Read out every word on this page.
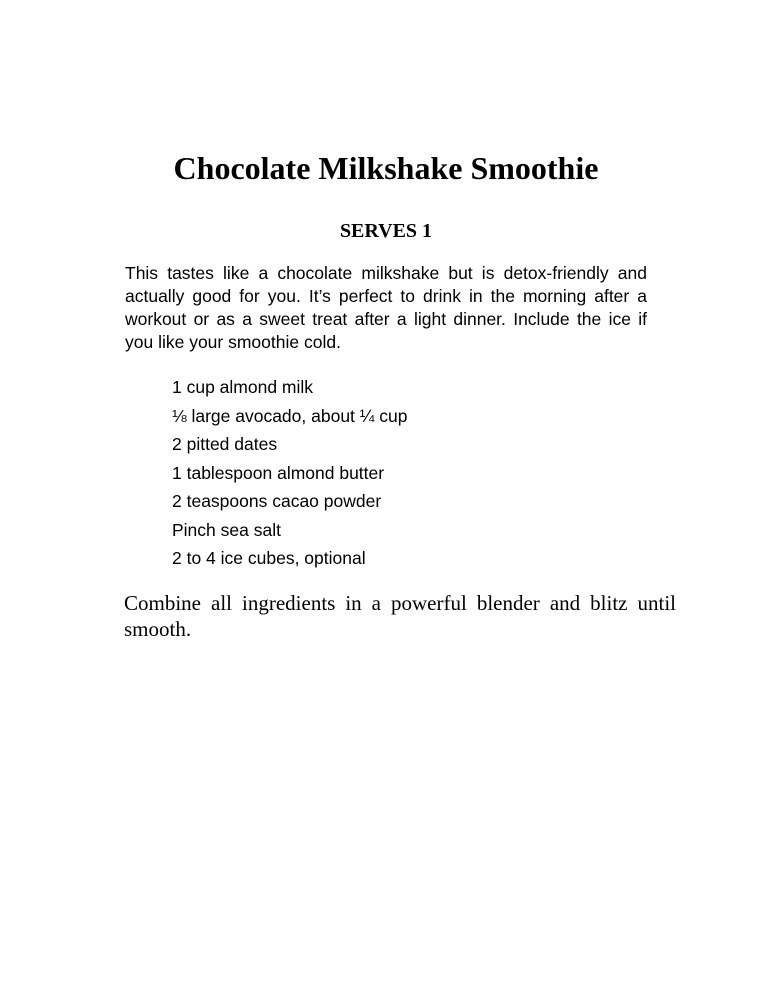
Chocolate Milkshake Smoothie
SERVES 1

This tastes like a chocolate milkshake but is detox-friendly and actually good for you. It’s perfect to drink in the morning after a workout or as a sweet treat after a light dinner. Include the ice if you like your smoothie cold.

1 cup almond milk
⅛ large avocado, about ¼ cup
2 pitted dates
1 tablespoon almond butter
2 teaspoons cacao powder
Pinch sea salt
2 to 4 ice cubes, optional

Combine all ingredients in a powerful blender and blitz until smooth.
